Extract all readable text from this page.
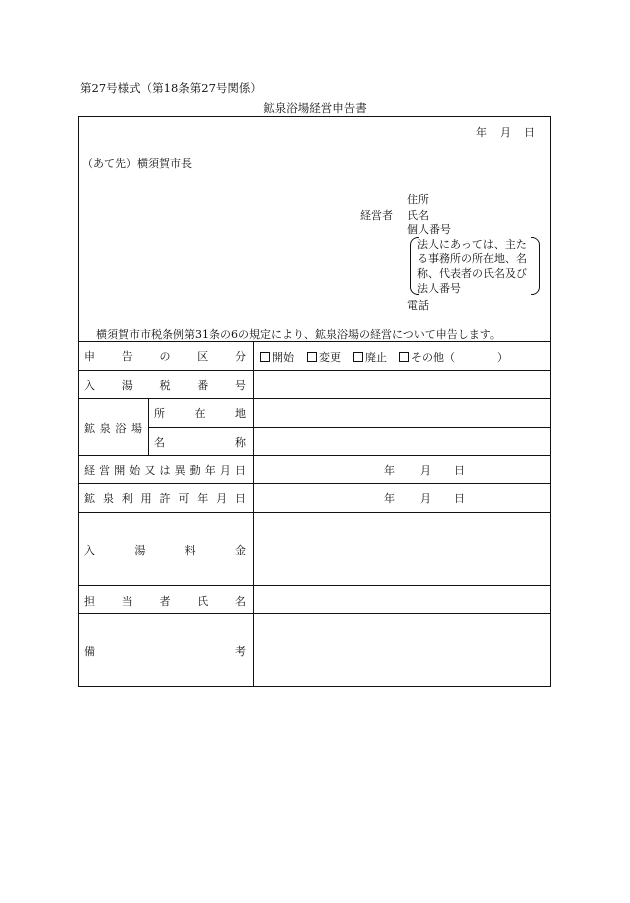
第27号様式（第18条第27号関係）
鉱泉浴場経営申告書
年 月 日
（あて先）横須賀市長
住所
経営者 氏名
個人番号
法人にあっては、主た
る事務所の所在地、名
称、代表者の氏名及び
法人番号
電話
横須賀市市税条例第31条の6の規定により、鉱泉浴場の経営について申告します。
申 告 の 区 分	開始	変更	廃止	その他（	）
入 湯 税 番 号
鉱 泉 浴 場
所	在	地
名	称
経 営 開 始 又 は 異 動 年 月 日	年 月 日
鉱 泉 利 用 許 可 年 月 日	年 月 日
入	湯	料	金
担 当 者 氏 名
備	考
